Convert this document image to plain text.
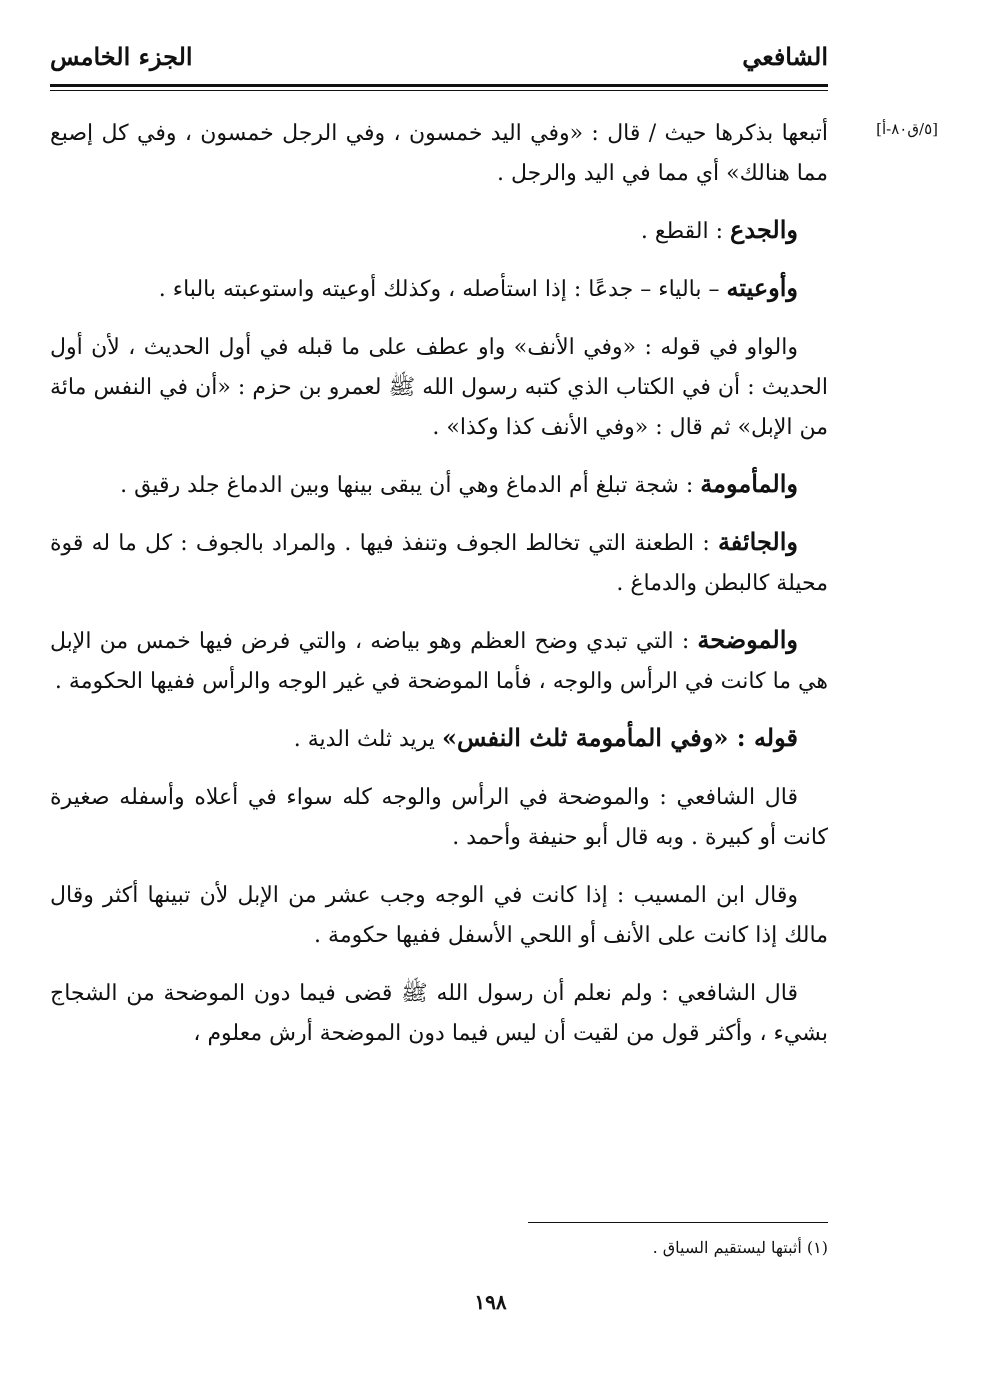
الشافعي
الجزء الخامس
[٥/ق٨٠-أ]

أتبعها بذكرها حيث / قال : «وفي اليد خمسون ، وفي الرجل خمسون ، وفي كل إصبع مما هنالك» أي مما في اليد والرجل .

والجدع : القطع .

وأوعيته – بالياء – جدعًا : إذا استأصله ، وكذلك أوعيته واستوعبته بالباء .

والواو في قوله : «وفي الأنف» واو عطف على ما قبله في أول الحديث ، لأن أول الحديث : أن في الكتاب الذي كتبه رسول الله ﷺ لعمرو بن حزم : «أن في النفس مائة من الإبل» ثم قال : «وفي الأنف كذا وكذا» .

والمأمومة : شجة تبلغ أم الدماغ وهي أن يبقى بينها وبين الدماغ جلد رقيق .

والجائفة : الطعنة التي تخالط الجوف وتنفذ فيها . والمراد بالجوف : كل ما له قوة محيلة كالبطن والدماغ .

والموضحة : التي تبدي وضح العظم وهو بياضه ، والتي فرض فيها خمس من الإبل هي ما كانت في الرأس والوجه ، فأما الموضحة في غير الوجه والرأس ففيها الحكومة .

قوله : «وفي المأمومة ثلث النفس» يريد ثلث الدية .

قال الشافعي : والموضحة في الرأس والوجه كله سواء في أعلاه وأسفله صغيرة كانت أو كبيرة . وبه قال أبو حنيفة وأحمد .

وقال ابن المسيب : إذا كانت في الوجه وجب عشر من الإبل لأن تبينها أكثر وقال مالك إذا كانت على الأنف أو اللحي الأسفل ففيها حكومة .

قال الشافعي : ولم نعلم أن رسول الله ﷺ قضى فيما دون الموضحة من الشجاج بشيء ، وأكثر قول من لقيت أن ليس فيما دون الموضحة أرش معلوم ،

(١) أثبتها ليستقيم السياق .
١٩٨
